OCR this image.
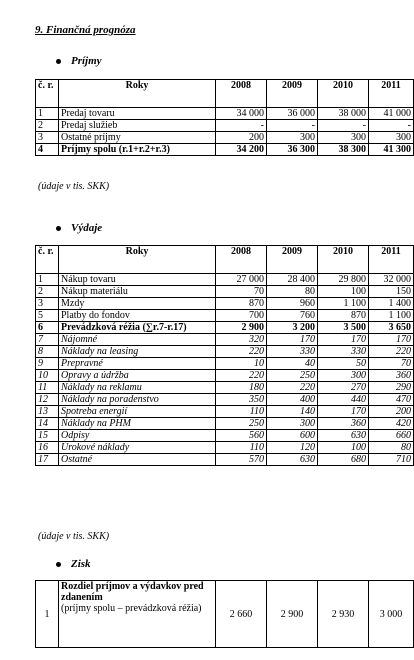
9. Finančná prognóza
Príjmy
č. r.	Roky	2008	2009	2010	2011
1	Predaj tovaru	34 000	36 000	38 000	41 000
2	Predaj služieb	-	-	-	-
3	Ostatné príjmy	200	300	300	300
4	Príjmy spolu (r.1+r.2+r.3)	34 200	36 300	38 300	41 300
(údaje v tis. SKK)
Výdaje
č. r.	Roky	2008	2009	2010	2011
1	Nákup tovaru	27 000	28 400	29 800	32 000
2	Nákup materiálu	70	80	100	150
3	Mzdy	870	960	1 100	1 400
5	Platby do fondov	700	760	870	1 100
6	Prevádzková réžia (∑r.7-r.17)	2 900	3 200	3 500	3 650
7	Nájomné	320	170	170	170
8	Náklady na leasing	220	330	330	220
9	Prepravné	10	40	50	70
10	Opravy a údržba	220	250	300	360
11	Náklady na reklamu	180	220	270	290
12	Náklady na poradenstvo	350	400	440	470
13	Spotreba energií	110	140	170	200
14	Náklady na PHM	250	300	360	420
15	Odpisy	560	600	630	660
16	Úrokové náklady	110	120	100	80
17	Ostatné	570	630	680	710
(údaje v tis. SKK)
Zisk
1	Rozdiel príjmov a výdavkov pred zdanením
(príjmy spolu – prevádzková réžia)	2 660	2 900	2 930	3 000
